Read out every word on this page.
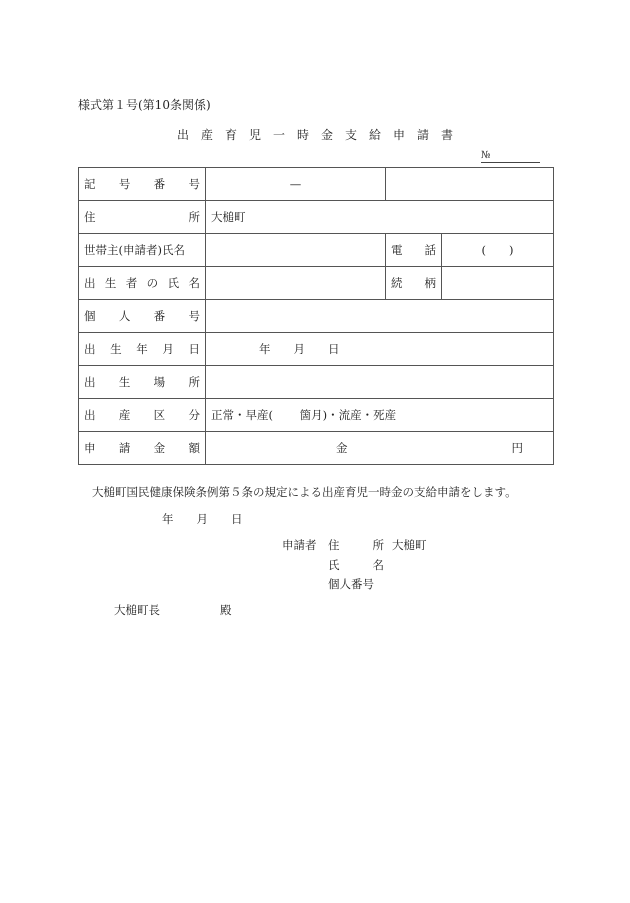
様式第１号(第10条関係)
出産育児一時金支給申請書
№
記 号 番 号	—		

住 所	大槌町		
世帯主(申請者)氏名		電 話	(　　)

出 生 者 の 氏 名		続 柄

個 人 番 号			

出 生 年 月 日	年　　月　　日		

出 生 場 所			

出 産 区 分	正常・早産(　　 箇月)・流産・死産		

申 請 金 額	金 円		
大槌町国民健康保険条例第５条の規定による出産育児一時金の支給申請をします。
年　　月　　日
申請者	住	所 大槌町
氏	名
個人番号
大槌町長	殿
